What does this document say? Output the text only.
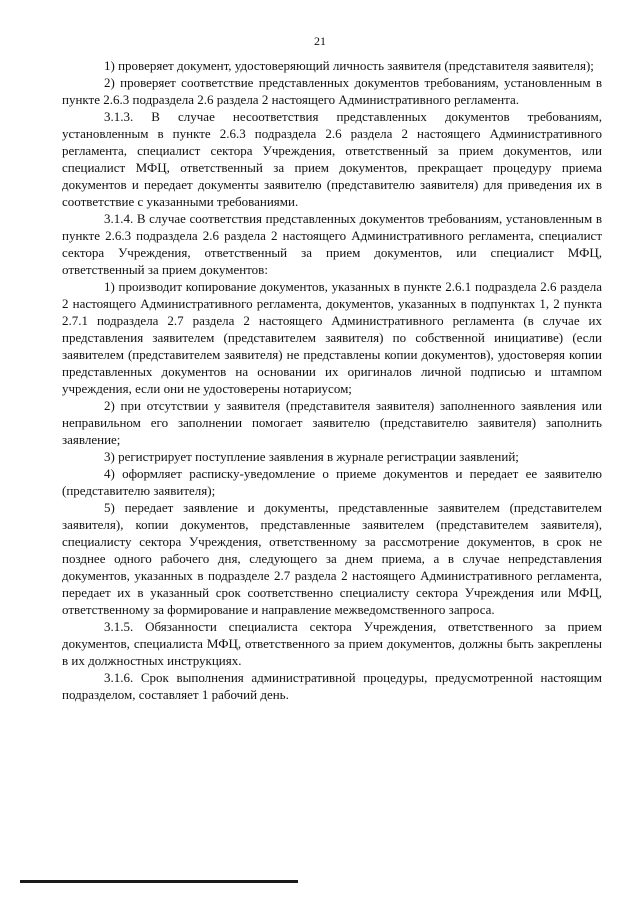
21

1) проверяет документ, удостоверяющий личность заявителя (представителя заявителя);

2) проверяет соответствие представленных документов требованиям, установленным в пункте 2.6.3 подраздела 2.6 раздела 2 настоящего Административного регламента.

3.1.3. В случае несоответствия представленных документов требованиям, установленным в пункте 2.6.3 подраздела 2.6 раздела 2 настоящего Административного регламента, специалист сектора Учреждения, ответственный за прием документов, или специалист МФЦ, ответственный за прием документов, прекращает процедуру приема документов и передает документы заявителю (представителю заявителя) для приведения их в соответствие с указанными требованиями.

3.1.4. В случае соответствия представленных документов требованиям, установленным в пункте 2.6.3 подраздела 2.6 раздела 2 настоящего Административного регламента, специалист сектора Учреждения, ответственный за прием документов, или специалист МФЦ, ответственный за прием документов:

1) производит копирование документов, указанных в пункте 2.6.1 подраздела 2.6 раздела 2 настоящего Административного регламента, документов, указанных в подпунктах 1, 2 пункта 2.7.1 подраздела 2.7 раздела 2 настоящего Административного регламента (в случае их представления заявителем (представителем заявителя) по собственной инициативе) (если заявителем (представителем заявителя) не представлены копии документов), удостоверяя копии представленных документов на основании их оригиналов личной подписью и штампом учреждения, если они не удостоверены нотариусом;

2) при отсутствии у заявителя (представителя заявителя) заполненного заявления или неправильном его заполнении помогает заявителю (представителю заявителя) заполнить заявление;

3) регистрирует поступление заявления в журнале регистрации заявлений;

4) оформляет расписку-уведомление о приеме документов и передает ее заявителю (представителю заявителя);

5) передает заявление и документы, представленные заявителем (представителем заявителя), копии документов, представленные заявителем (представителем заявителя), специалисту сектора Учреждения, ответственному за рассмотрение документов, в срок не позднее одного рабочего дня, следующего за днем приема, а в случае непредставления документов, указанных в подразделе 2.7 раздела 2 настоящего Административного регламента, передает их в указанный срок соответственно специалисту сектора Учреждения или МФЦ, ответственному за формирование и направление межведомственного запроса.

3.1.5. Обязанности специалиста сектора Учреждения, ответственного за прием документов, специалиста МФЦ, ответственного за прием документов, должны быть закреплены в их должностных инструкциях.

3.1.6. Срок выполнения административной процедуры, предусмотренной настоящим подразделом, составляет 1 рабочий день.
